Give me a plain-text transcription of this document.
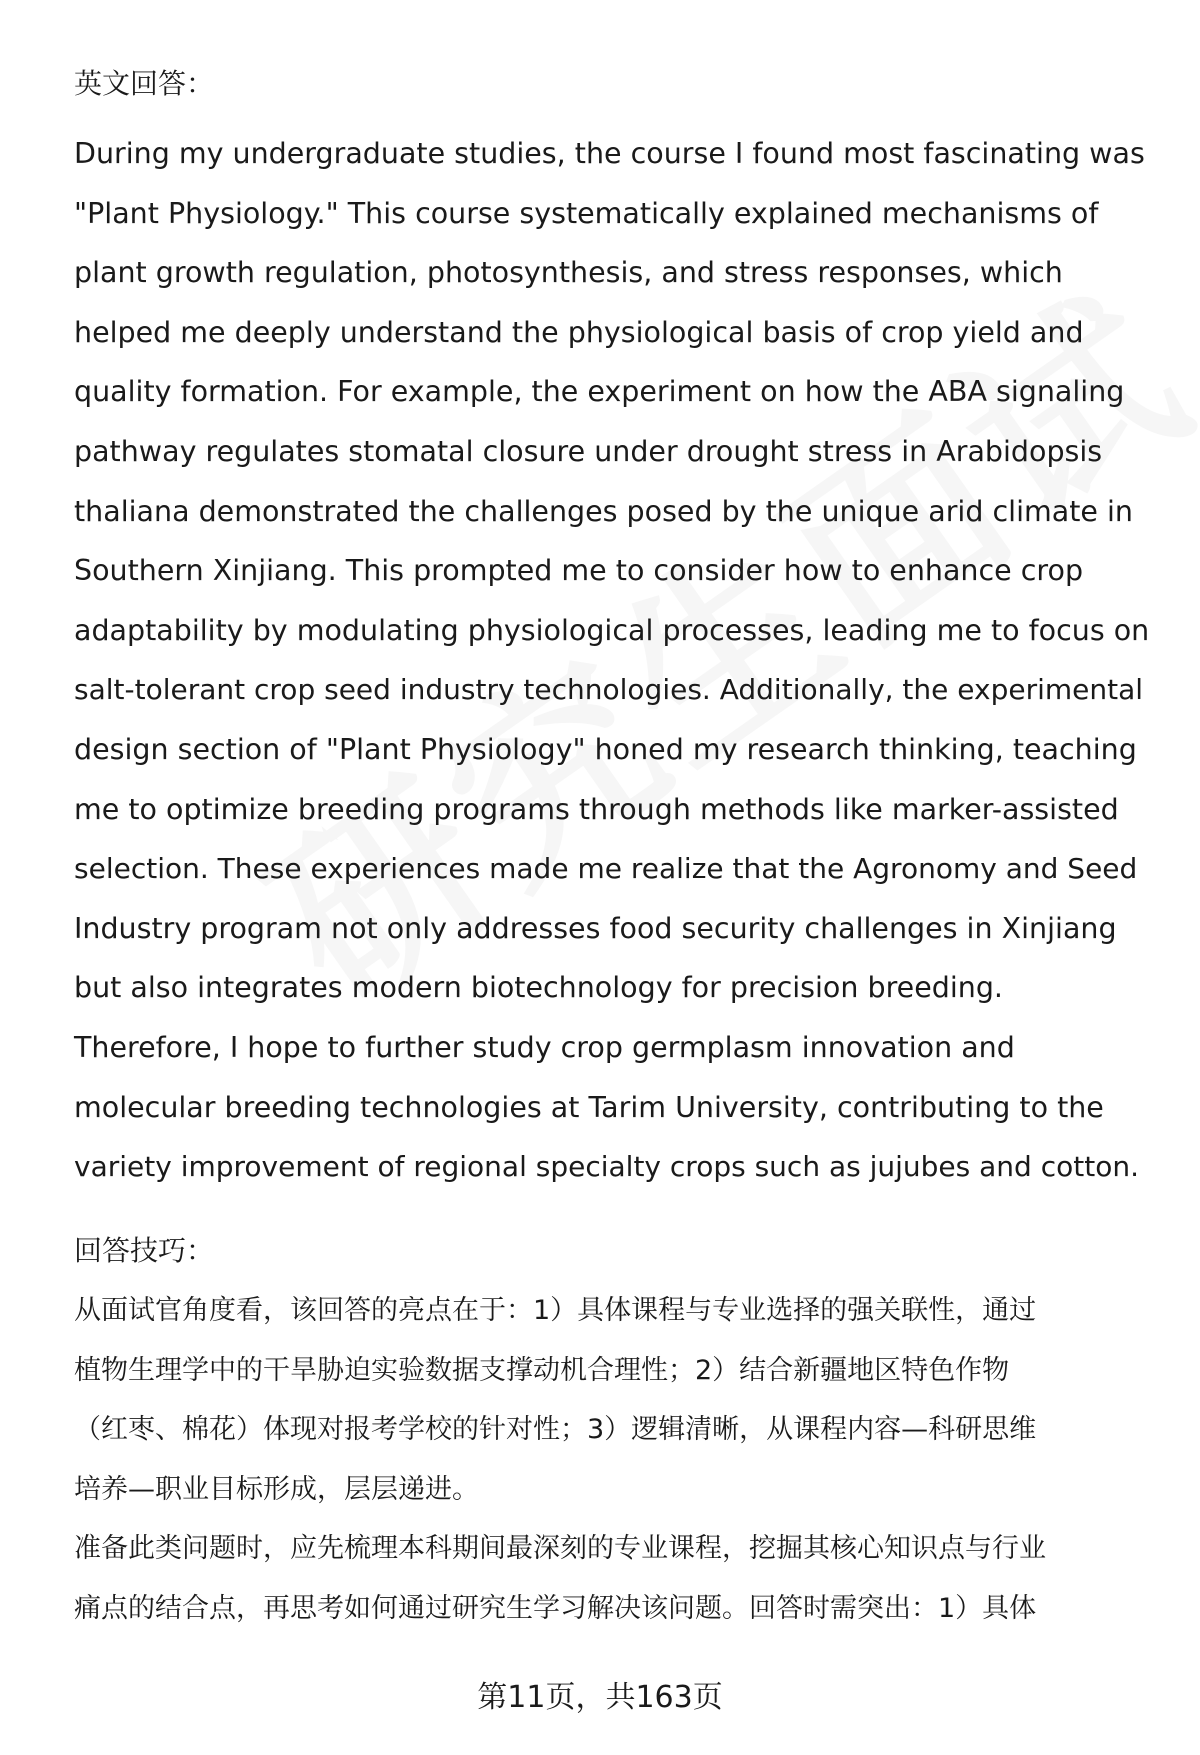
英文回答：
During my undergraduate studies, the course I found most fascinating was
"Plant Physiology." This course systematically explained mechanisms of
plant growth regulation, photosynthesis, and stress responses, which
helped me deeply understand the physiological basis of crop yield and
quality formation. For example, the experiment on how the ABA signaling
pathway regulates stomatal closure under drought stress in Arabidopsis
thaliana demonstrated the challenges posed by the unique arid climate in
Southern Xinjiang. This prompted me to consider how to enhance crop
adaptability by modulating physiological processes, leading me to focus on
salt-tolerant crop seed industry technologies. Additionally, the experimental
design section of "Plant Physiology" honed my research thinking, teaching
me to optimize breeding programs through methods like marker-assisted
selection. These experiences made me realize that the Agronomy and Seed
Industry program not only addresses food security challenges in Xinjiang
but also integrates modern biotechnology for precision breeding.
Therefore, I hope to further study crop germplasm innovation and
molecular breeding technologies at Tarim University, contributing to the
variety improvement of regional specialty crops such as jujubes and cotton.
回答技巧：
从面试官角度看，该回答的亮点在于：1）具体课程与专业选择的强关联性，通过
植物生理学中的干旱胁迫实验数据支撑动机合理性；2）结合新疆地区特色作物
（红枣、棉花）体现对报考学校的针对性；3）逻辑清晰，从课程内容—科研思维
培养—职业目标形成，层层递进。
准备此类问题时，应先梳理本科期间最深刻的专业课程，挖掘其核心知识点与行业
痛点的结合点，再思考如何通过研究生学习解决该问题。回答时需突出：1）具体
第11页，共163页
